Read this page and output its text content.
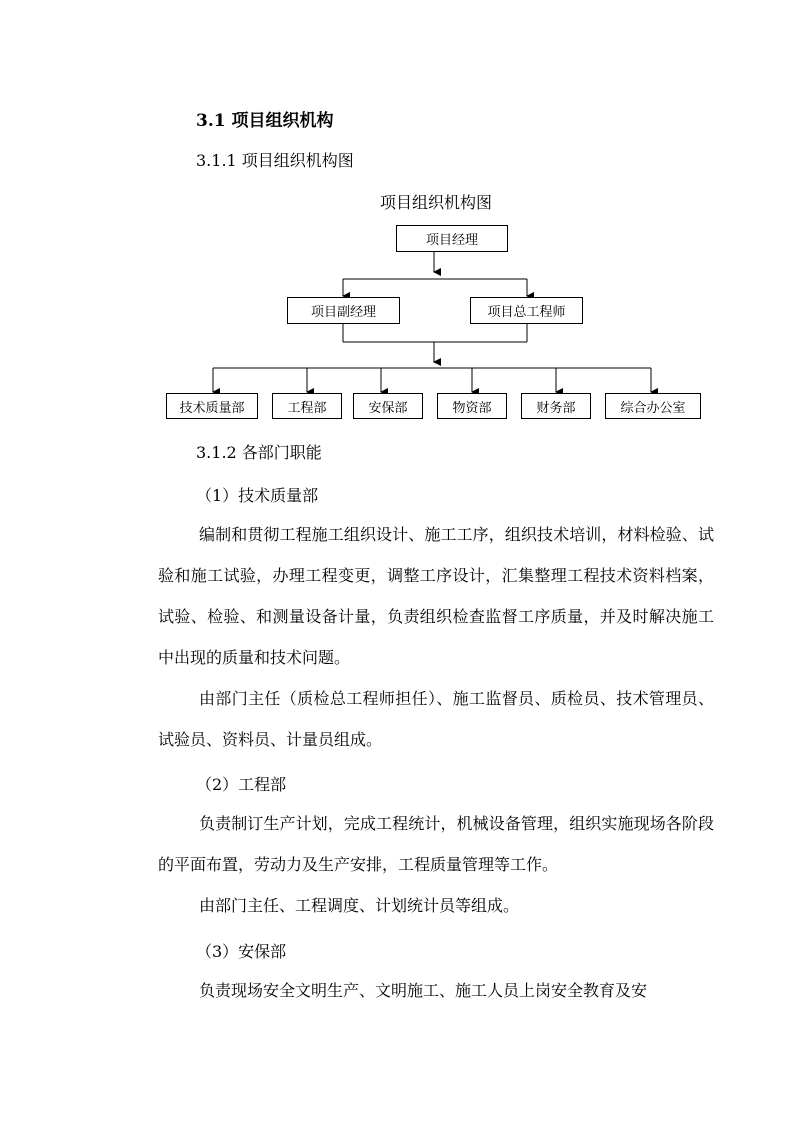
3.1 项目组织机构
3.1.1 项目组织机构图
项目组织机构图
项目经理
项目副经理	项目总工程师
技术质量部	工程部	安保部	物资部	财务部	综合办公室
3.1.2 各部门职能
（1）技术质量部
编制和贯彻工程施工组织设计、施工工序，组织技术培训，材料检验、试验和施工试验，办理工程变更，调整工序设计，汇集整理工程技术资料档案，试验、检验、和测量设备计量，负责组织检查监督工序质量，并及时解决施工中出现的质量和技术问题。
由部门主任（质检总工程师担任）、施工监督员、质检员、技术管理员、试验员、资料员、计量员组成。
（2）工程部
负责制订生产计划，完成工程统计，机械设备管理，组织实施现场各阶段的平面布置，劳动力及生产安排，工程质量管理等工作。
由部门主任、工程调度、计划统计员等组成。
（3）安保部
负责现场安全文明生产、文明施工、施工人员上岗安全教育及安
